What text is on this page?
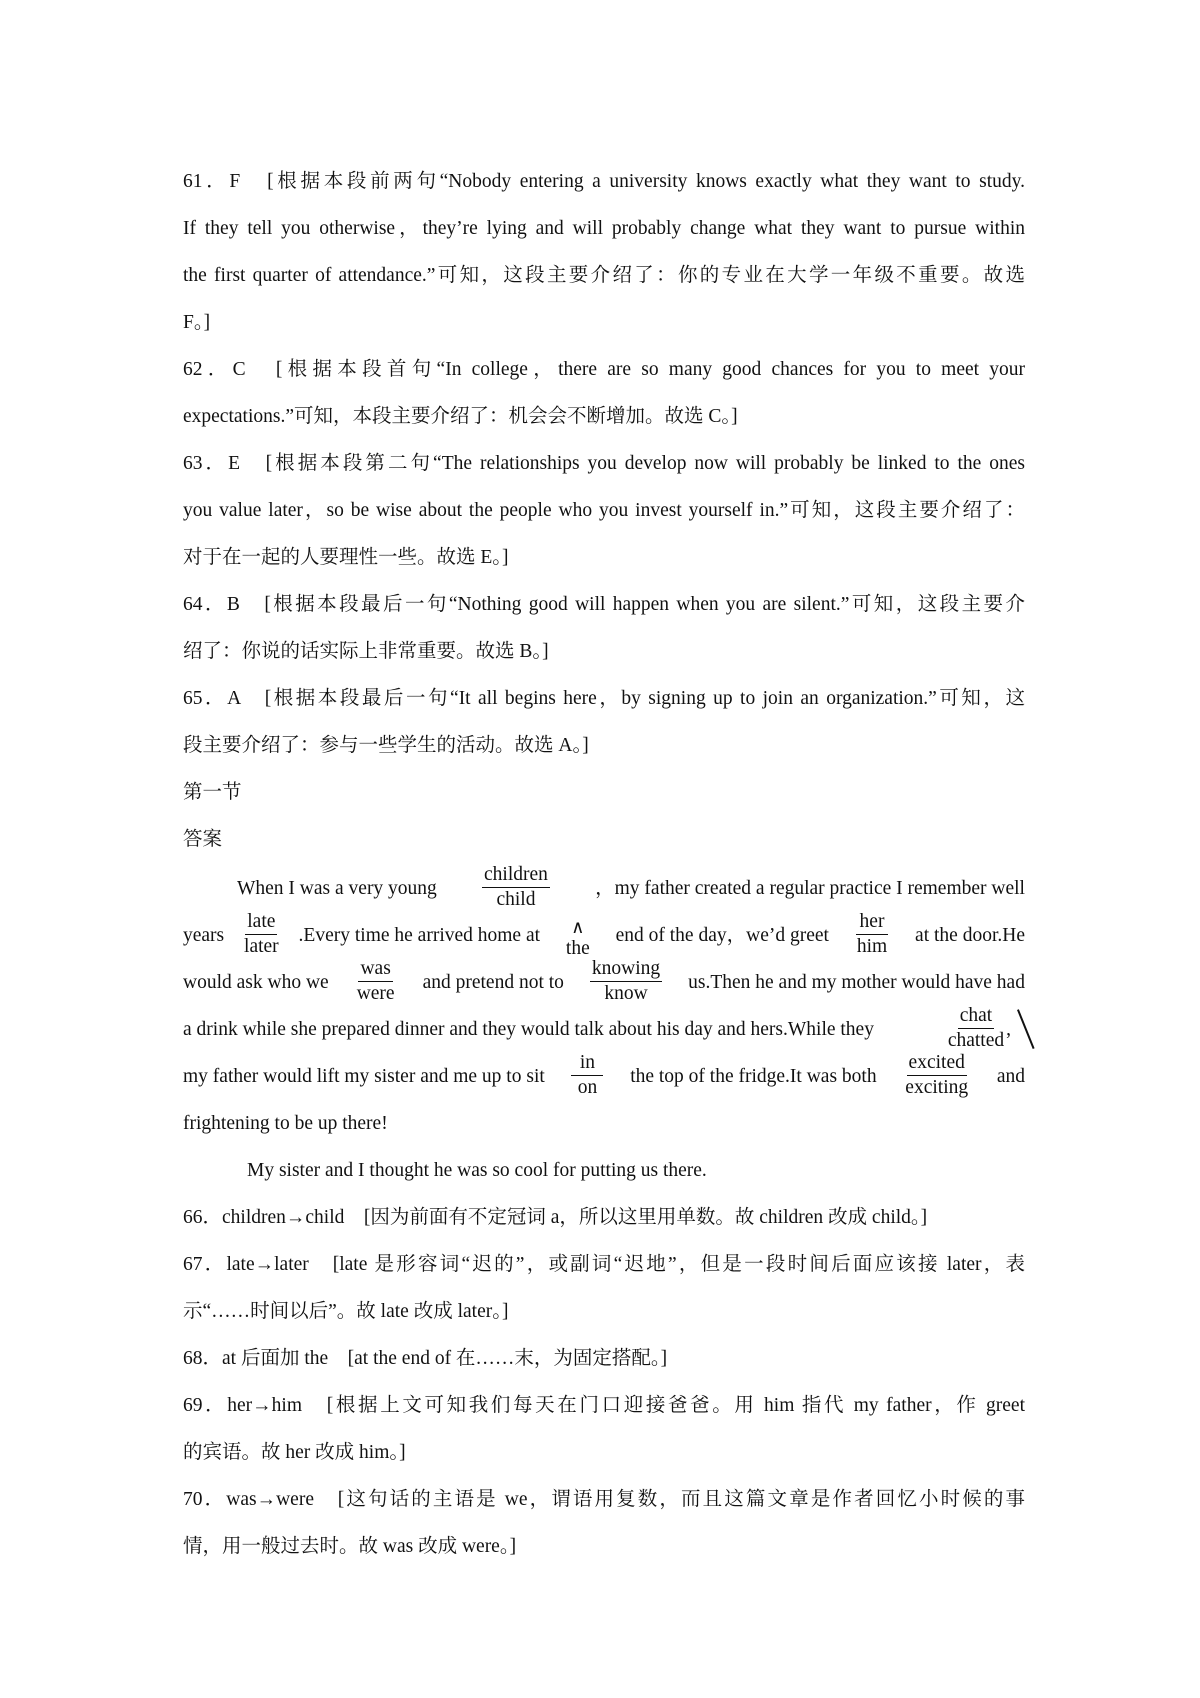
61．F　 [根据本段前两句“Nobody entering a university knows exactly what they want to study.
If they tell you otherwise，they’re lying and will probably change what they want to pursue within
the first quarter of attendance.”可知，这段主要介绍了：你的专业在大学一年级不重要。故选
F。]
62．C　 [根据本段首句“In college，there are so many good chances for you to meet your
expectations.”可知，本段主要介绍了：机会会不断增加。故选 C。]
63．E　 [根据本段第二句“The relationships you develop now will probably be linked to the ones
you value later，so be wise about the people who you invest yourself in.”可知，这段主要介绍了：
对于在一起的人要理性一些。故选 E。]
64．B　 [根据本段最后一句“Nothing good will happen when you are silent.”可知，这段主要介
绍了：你说的话实际上非常重要。故选 B。]
65．A　 [根据本段最后一句“It all begins here，by signing up to join an organization.”可知，这
段主要介绍了：参与一些学生的活动。故选 A。]
第一节
答案
When I was a very young $\frac{\text{children}}{\text{child}}$ ，my father created a regular practice I remember well
years $\frac{\text{late}}{\text{later}}$ .Every time he arrived home at ∧
the
end of the day，we’d greet $\frac{\text{her}}{\text{him}}$ at the door.He
would ask who we $\frac{\text{was}}{\text{were}}$ and pretend not to $\frac{\text{knowing}}{\text{know}}$ us.Then he and my mother would have had
a drink while she prepared dinner and they would talk about his day and hers.While they	$\frac{\text{chat}}{\text{chatted}}$ ,
my father would lift my sister and me up to sit $\frac{in}{on}$ the top of the fridge.It was both $\frac{\text{excited}}{\text{exciting}}$ and
frightening to be up there!
My sister and I thought he was so cool for putting us there.
66．children→child　[因为前面有不定冠词 a，所以这里用单数。故 children 改成 child。]
67．late→later　[late 是形容词“迟的”，或副词“迟地”，但是一段时间后面应该接 later，表
示“……时间以后”。故 late 改成 later。]
68．at 后面加 the　[at the end of 在……末，为固定搭配。]
69．her→him　[根据上文可知我们每天在门口迎接爸爸。用 him 指代 my father，作 greet
的宾语。故 her 改成 him。]
70．was→were　[这句话的主语是 we，谓语用复数，而且这篇文章是作者回忆小时候的事
情，用一般过去时。故 was 改成 were。]
